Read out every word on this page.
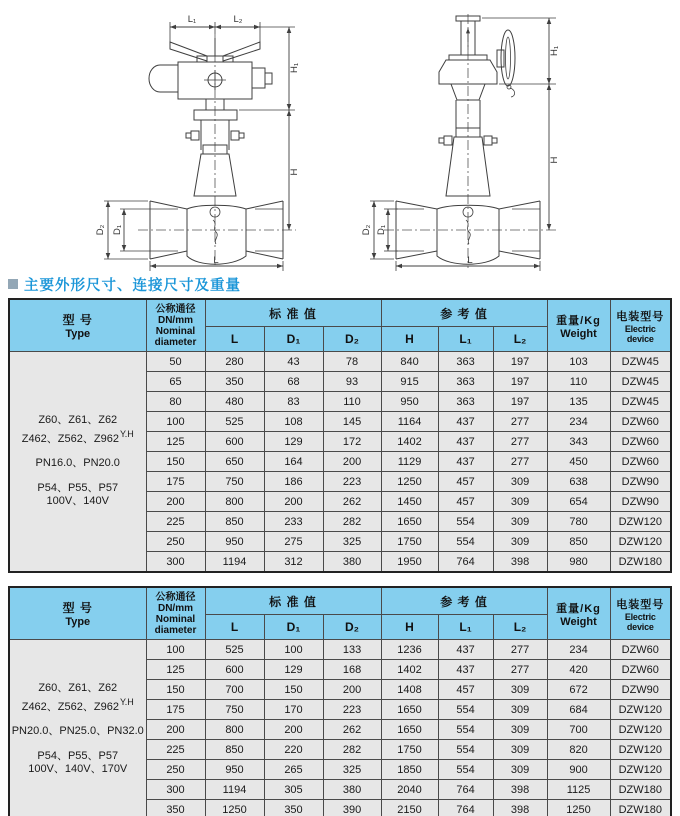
L₁	L₂
H₁
H
D₂ D₁
L
H₁
H
D₂ D₁
L
主要外形尺寸、连接尺寸及重量
型 号
Type

公称通径
DN/mm
Nominal
diameter
	标 准 值	参 考 值	重量/Kg
Weight

电装型号
Electric device

		L	D₁	D₂	H	L₁	L₂		

Z60、Z61、Z62
Z462、Z562、$Z962^{Y.H}$
PN16.0、PN20.0
P54、P55、P57
100V、140V	50	280	43	78	840	363	197	103	DZW45
	65	350	68	93	915	363	197	110	DZW45
	80	480	83	110	950	363	197	135	DZW45
	100	525	108	145	1164	437	277	234	DZW60
	125	600	129	172	1402	437	277	343	DZW60
	150	650	164	200	1129	437	277	450	DZW60
	175	750	186	223	1250	457	309	638	DZW90
	200	800	200	262	1450	457	309	654	DZW90
	225	850	233	282	1650	554	309	780	DZW120
	250	950	275	325	1750	554	309	850	DZW120
	300	1194	312	380	1950	764	398	980	DZW180
型 号
Type

公称通径
DN/mm
Nominal
diameter
	标 准 值	参 考 值	重量/Kg
Weight

电装型号
Electric device

		L	D₁	D₂	H	L₁	L₂		

Z60、Z61、Z62
Z462、Z562、$Z962^{Y.H}$
PN20.0、PN25.0、PN32.0
P54、P55、P57
100V、140V、170V	100	525	100	133	1236	437	277	234	DZW60
	125	600	129	168	1402	437	277	420	DZW60
	150	700	150	200	1408	457	309	672	DZW90
	175	750	170	223	1650	554	309	684	DZW120
	200	800	200	262	1650	554	309	700	DZW120
	225	850	220	282	1750	554	309	820	DZW120
	250	950	265	325	1850	554	309	900	DZW120
	300	1194	305	380	2040	764	398	1125	DZW180
	350	1250	350	390	2150	764	398	1250	DZW180
